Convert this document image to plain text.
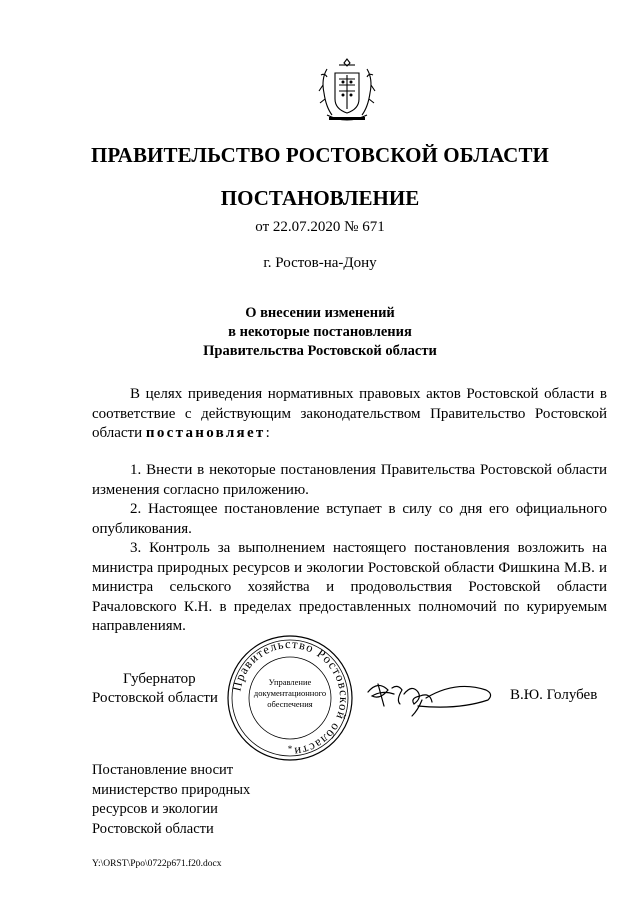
ПРАВИТЕЛЬСТВО РОСТОВСКОЙ ОБЛАСТИ
ПОСТАНОВЛЕНИЕ
от 22.07.2020 № 671
г. Ростов-на-Дону
О внесении изменений
в некоторые постановления
Правительства Ростовской области
В целях приведения нормативных правовых актов Ростовской области в соответствие с действующим законодательством Правительство Ростовской области постановляет:
1. Внести в некоторые постановления Правительства Ростовской области изменения согласно приложению.
2. Настоящее постановление вступает в силу со дня его официального опубликования.
3. Контроль за выполнением настоящего постановления возложить на министра природных ресурсов и экологии Ростовской области Фишкина М.В. и министра сельского хозяйства и продовольствия Ростовской области Рачаловского К.Н. в пределах предоставленных полномочий по курируемым направлениям.
Губернатор
Ростовской области
Правительство Ростовской области
Управление
документационного
обеспечения
*
В.Ю. Голубев
Постановление вносит
министерство природных
ресурсов и экологии
Ростовской области
Y:\ORST\Ppo\0722p671.f20.docx
